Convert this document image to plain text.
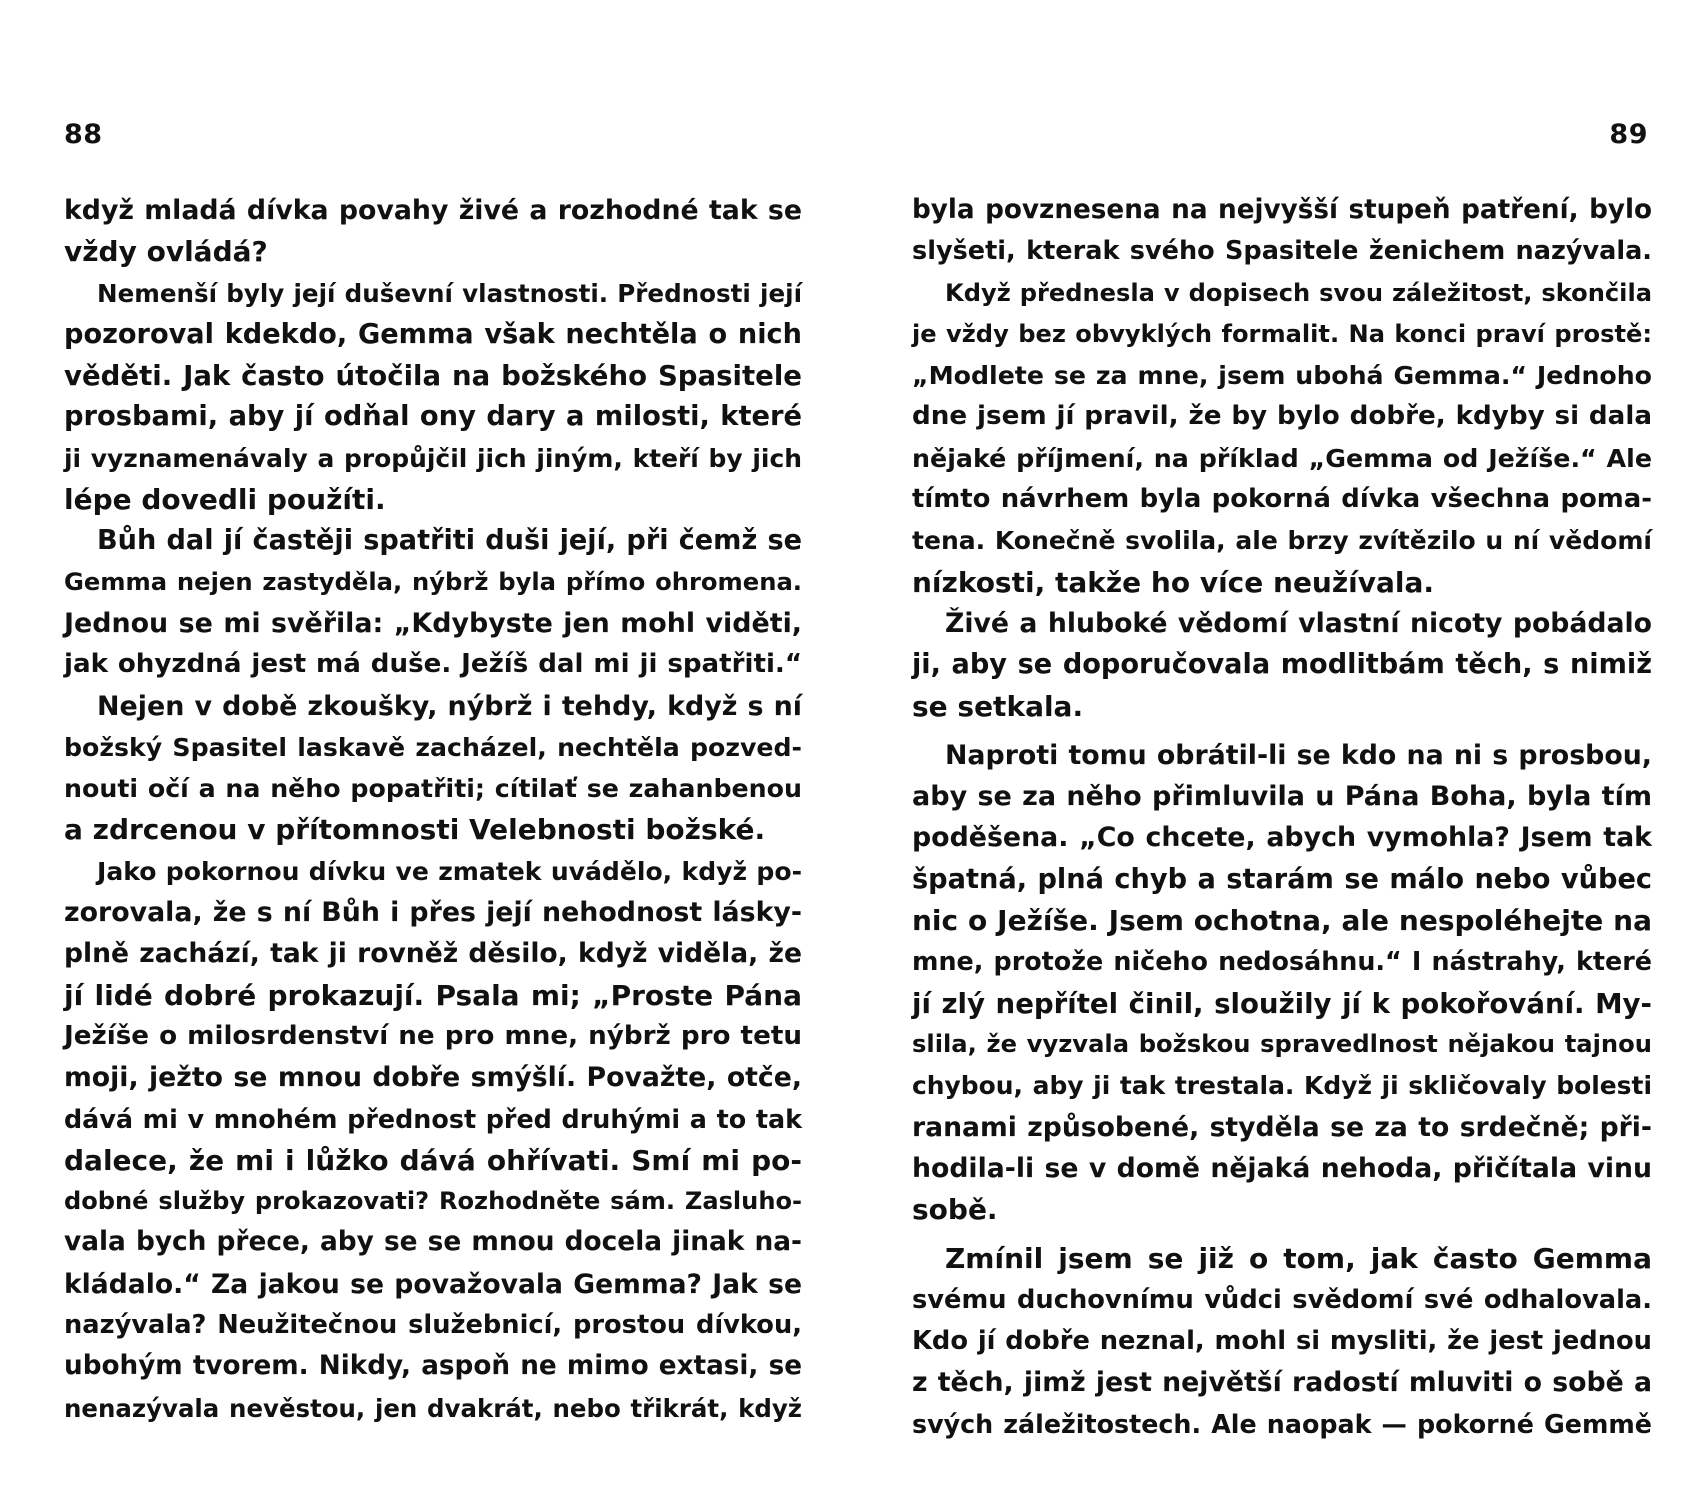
88
když mladá dívka povahy živé a rozhodné tak se
vždy ovládá?
Nemenší byly její duševní vlastnosti. Přednosti její
pozoroval kdekdo, Gemma však nechtěla o nich
věděti. Jak často útočila na božského Spasitele
prosbami, aby jí odňal ony dary a milosti, které
ji vyznamenávaly a propůjčil jich jiným, kteří by jich
lépe dovedli použíti.
Bůh dal jí častěji spatřiti duši její, při čemž se
Gemma nejen zastyděla, nýbrž byla přímo ohromena.
Jednou se mi svěřila: „Kdybyste jen mohl viděti,
jak ohyzdná jest má duše. Ježíš dal mi ji spatřiti.“
Nejen v době zkoušky, nýbrž i tehdy, když s ní
božský Spasitel laskavě zacházel, nechtěla pozved-
nouti očí a na něho popatřiti; cítilať se zahanbenou
a zdrcenou v přítomnosti Velebnosti božské.
Jako pokornou dívku ve zmatek uvádělo, když po-
zorovala, že s ní Bůh i přes její nehodnost lásky-
plně zachází, tak ji rovněž děsilo, když viděla, že
jí lidé dobré prokazují. Psala mi; „Proste Pána
Ježíše o milosrdenství ne pro mne, nýbrž pro tetu
moji, ježto se mnou dobře smýšlí. Považte, otče,
dává mi v mnohém přednost před druhými a to tak
dalece, že mi i lůžko dává ohřívati. Smí mi po-
dobné služby prokazovati? Rozhodněte sám. Zasluho-
vala bych přece, aby se se mnou docela jinak na-
kládalo.“ Za jakou se považovala Gemma? Jak se
nazývala? Neužitečnou služebnicí, prostou dívkou,
ubohým tvorem. Nikdy, aspoň ne mimo extasi, se
nenazývala nevěstou, jen dvakrát, nebo třikrát, když
89
byla povznesena na nejvyšší stupeň patření, bylo
slyšeti, kterak svého Spasitele ženichem nazývala.
Když přednesla v dopisech svou záležitost, skončila
je vždy bez obvyklých formalit. Na konci praví prostě:
„Modlete se za mne, jsem ubohá Gemma.“ Jednoho
dne jsem jí pravil, že by bylo dobře, kdyby si dala
nějaké příjmení, na příklad „Gemma od Ježíše.“ Ale
tímto návrhem byla pokorná dívka všechna poma-
tena. Konečně svolila, ale brzy zvítězilo u ní vědomí
nízkosti, takže ho více neužívala.
Živé a hluboké vědomí vlastní nicoty pobádalo
ji, aby se doporučovala modlitbám těch, s nimiž
se setkala.
Naproti tomu obrátil-li se kdo na ni s prosbou,
aby se za něho přimluvila u Pána Boha, byla tím
poděšena. „Co chcete, abych vymohla? Jsem tak
špatná, plná chyb a starám se málo nebo vůbec
nic o Ježíše. Jsem ochotna, ale nespoléhejte na
mne, protože ničeho nedosáhnu.“ I nástrahy, které
jí zlý nepřítel činil, sloužily jí k pokořování. My-
slila, že vyzvala božskou spravedlnost nějakou tajnou
chybou, aby ji tak trestala. Když ji skličovaly bolesti
ranami způsobené, styděla se za to srdečně; při-
hodila-li se v domě nějaká nehoda, přičítala vinu
sobě.
Zmínil jsem se již o tom, jak často Gemma
svému duchovnímu vůdci svědomí své odhalovala.
Kdo jí dobře neznal, mohl si mysliti, že jest jednou
z těch, jimž jest největší radostí mluviti o sobě a
svých záležitostech. Ale naopak — pokorné Gemmě
